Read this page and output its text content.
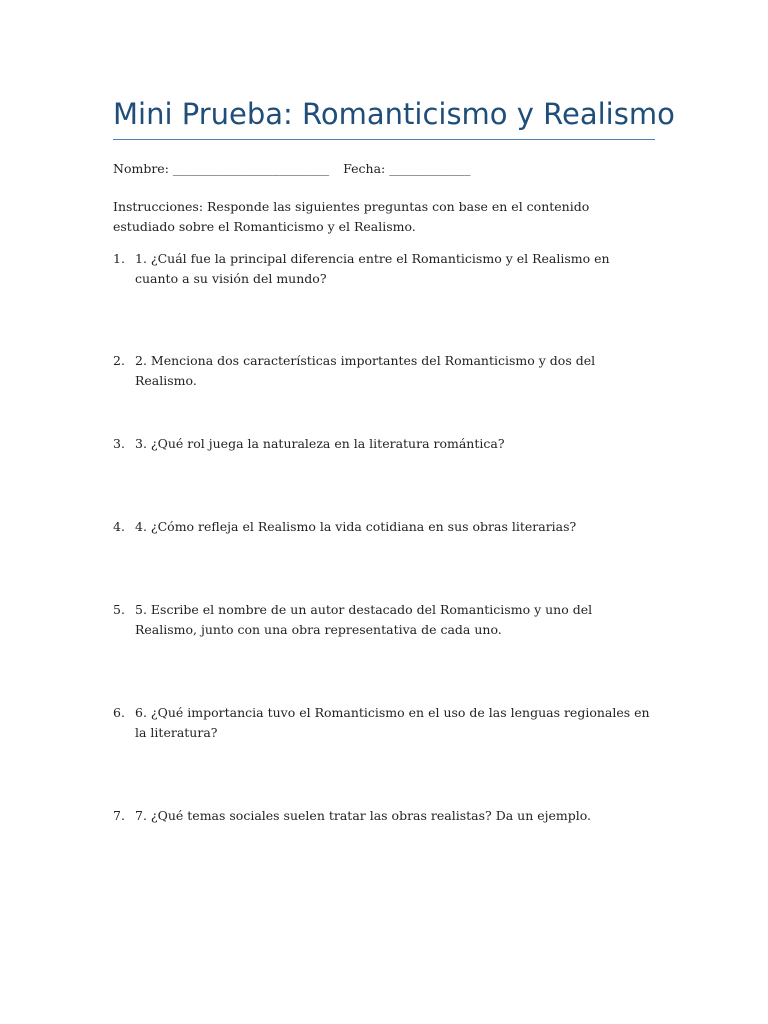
Mini Prueba: Romanticismo y Realismo
Nombre: _________________________ Fecha: _____________

Instrucciones: Responde las siguientes preguntas con base en el contenido estudiado sobre el Romanticismo y el Realismo.

1. 1. ¿Cuál fue la principal diferencia entre el Romanticismo y el Realismo en cuanto a su visión del mundo?
2. 2. Menciona dos características importantes del Romanticismo y dos del Realismo.
3. 3. ¿Qué rol juega la naturaleza en la literatura romántica?
4. 4. ¿Cómo refleja el Realismo la vida cotidiana en sus obras literarias?
5. 5. Escribe el nombre de un autor destacado del Romanticismo y uno del Realismo, junto con una obra representativa de cada uno.
6. 6. ¿Qué importancia tuvo el Romanticismo en el uso de las lenguas regionales en la literatura?
7. 7. ¿Qué temas sociales suelen tratar las obras realistas? Da un ejemplo.
